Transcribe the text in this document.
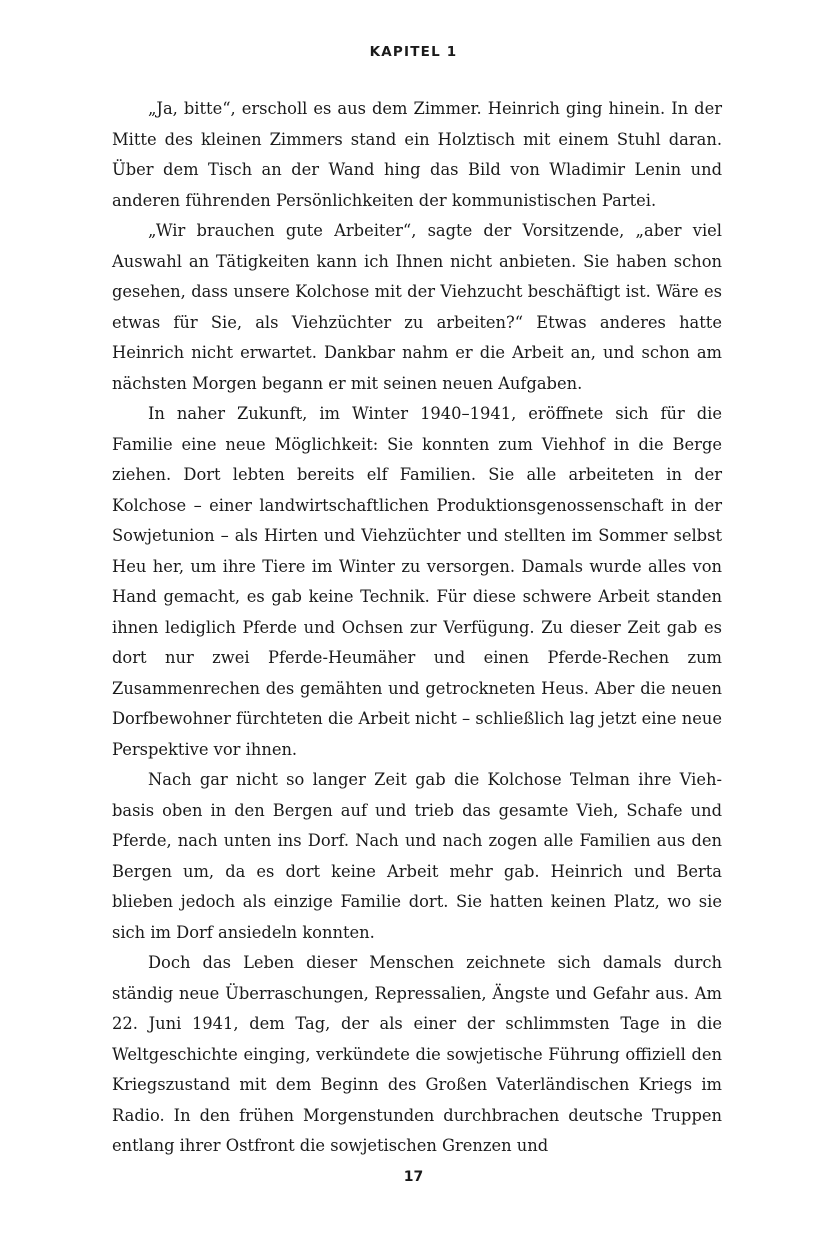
KAPITEL 1

„Ja, bitte“, erscholl es aus dem Zimmer. Heinrich ging hinein. In der Mitte des kleinen Zimmers stand ein Holztisch mit einem Stuhl daran. Über dem Tisch an der Wand hing das Bild von Wladimir Lenin und anderen führenden Persönlichkeiten der kommunistischen Partei.

„Wir brauchen gute Arbeiter“, sagte der Vorsitzende, „aber viel Auswahl an Tätigkeiten kann ich Ihnen nicht anbieten. Sie haben schon gesehen, dass unsere Kolchose mit der Viehzucht beschäftigt ist. Wäre es etwas für Sie, als Viehzüchter zu arbeiten?“ Etwas anderes hatte Heinrich nicht erwartet. Dankbar nahm er die Arbeit an, und schon am nächsten Morgen begann er mit seinen neuen Aufgaben.

In naher Zukunft, im Winter 1940–1941, eröffnete sich für die Familie eine neue Möglichkeit: Sie konnten zum Viehhof in die Berge ziehen. Dort lebten bereits elf Familien. Sie alle arbeiteten in der Kolchose – einer landwirtschaftlichen Produktionsgenossenschaft in der Sowjetunion – als Hirten und Viehzüchter und stellten im Sommer selbst Heu her, um ihre Tiere im Winter zu versorgen. Damals wurde alles von Hand gemacht, es gab keine Technik. Für diese schwere Arbeit standen ihnen lediglich Pferde und Ochsen zur Verfügung. Zu dieser Zeit gab es dort nur zwei Pferde-Heumäher und einen Pferde-Rechen zum Zusammenrechen des gemähten und getrockneten Heus. Aber die neuen Dorfbewohner fürchteten die Arbeit nicht – schließlich lag jetzt eine neue Perspektive vor ihnen.

Nach gar nicht so langer Zeit gab die Kolchose Telman ihre Viehbasis oben in den Bergen auf und trieb das gesamte Vieh, Schafe und Pferde, nach unten ins Dorf. Nach und nach zogen alle Familien aus den Bergen um, da es dort keine Arbeit mehr gab. Heinrich und Berta blieben jedoch als einzige Familie dort. Sie hatten keinen Platz, wo sie sich im Dorf ansiedeln konnten.

Doch das Leben dieser Menschen zeichnete sich damals durch ständig neue Überraschungen, Repressalien, Ängste und Gefahr aus. Am 22. Juni 1941, dem Tag, der als einer der schlimmsten Tage in die Weltgeschichte einging, verkündete die sowjetische Führung offiziell den Kriegszustand mit dem Beginn des Großen Vaterländischen Kriegs im Radio. In den frühen Morgenstunden durchbrachen deutsche Truppen entlang ihrer Ostfront die sowjetischen Grenzen und

17
